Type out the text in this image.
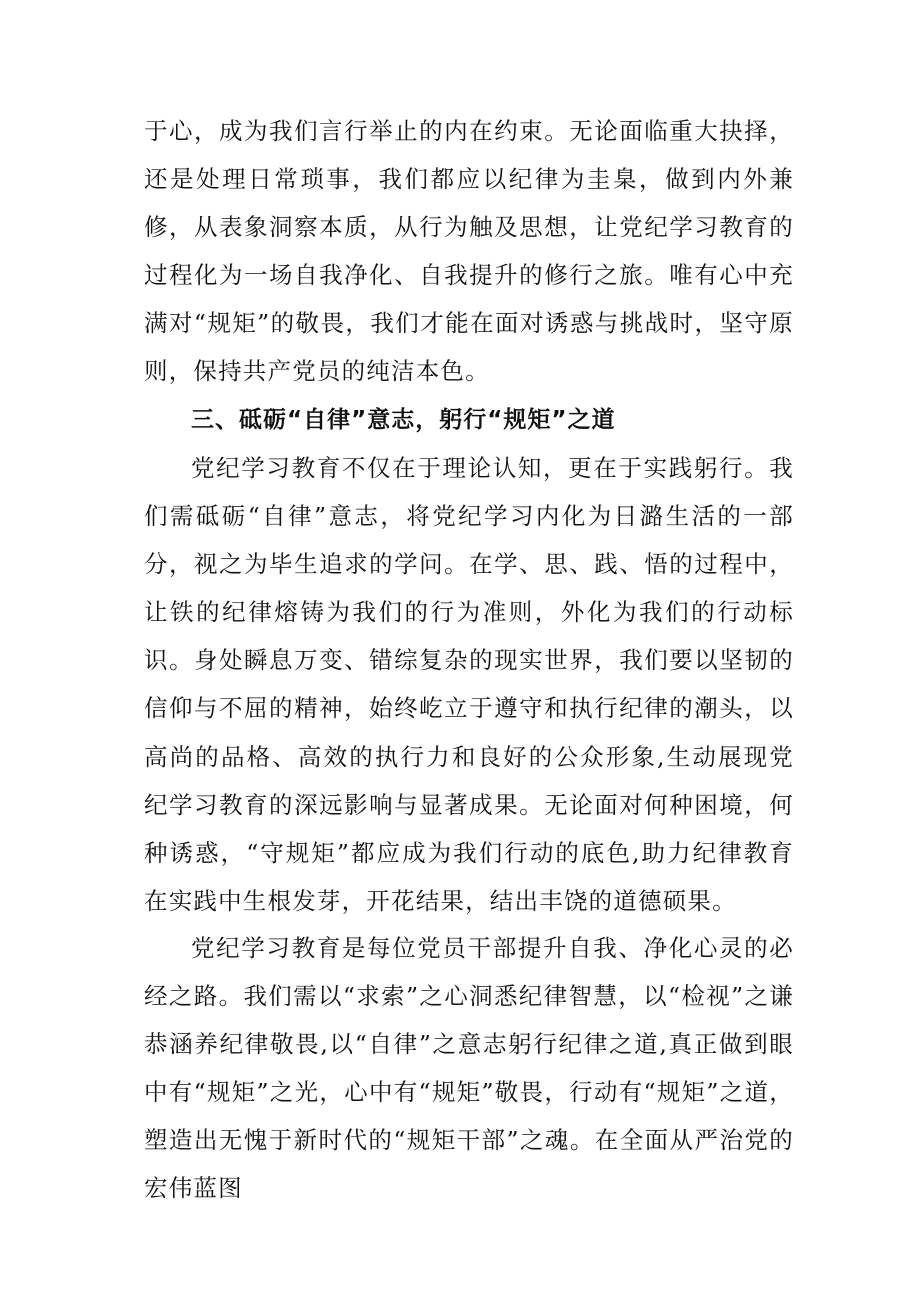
于心，成为我们言行举止的内在约束。无论面临重大抉择，还是处理日常琐事，我们都应以纪律为圭臬，做到内外兼修，从表象洞察本质，从行为触及思想，让党纪学习教育的过程化为一场自我净化、自我提升的修行之旅。唯有心中充满对“规矩”的敬畏，我们才能在面对诱惑与挑战时，坚守原则，保持共产党员的纯洁本色。

三、砥砺“自律”意志，躬行“规矩”之道

党纪学习教育不仅在于理论认知，更在于实践躬行。我们需砥砺“自律”意志，将党纪学习内化为日潞生活的一部分，视之为毕生追求的学问。在学、思、践、悟的过程中，让铁的纪律熔铸为我们的行为准则，外化为我们的行动标识。身处瞬息万变、错综复杂的现实世界，我们要以坚韧的信仰与不屈的精神，始终屹立于遵守和执行纪律的潮头，以高尚的品格、高效的执行力和良好的公众形象,生动展现党纪学习教育的深远影响与显著成果。无论面对何种困境，何种诱惑，“守规矩”都应成为我们行动的底色,助力纪律教育在实践中生根发芽，开花结果，结出丰饶的道德硕果。

党纪学习教育是每位党员干部提升自我、净化心灵的必经之路。我们需以“求索”之心洞悉纪律智慧，以“检视”之谦恭涵养纪律敬畏,以“自律”之意志躬行纪律之道,真正做到眼中有“规矩”之光，心中有“规矩”敬畏，行动有“规矩”之道，塑造出无愧于新时代的“规矩干部”之魂。在全面从严治党的宏伟蓝图
